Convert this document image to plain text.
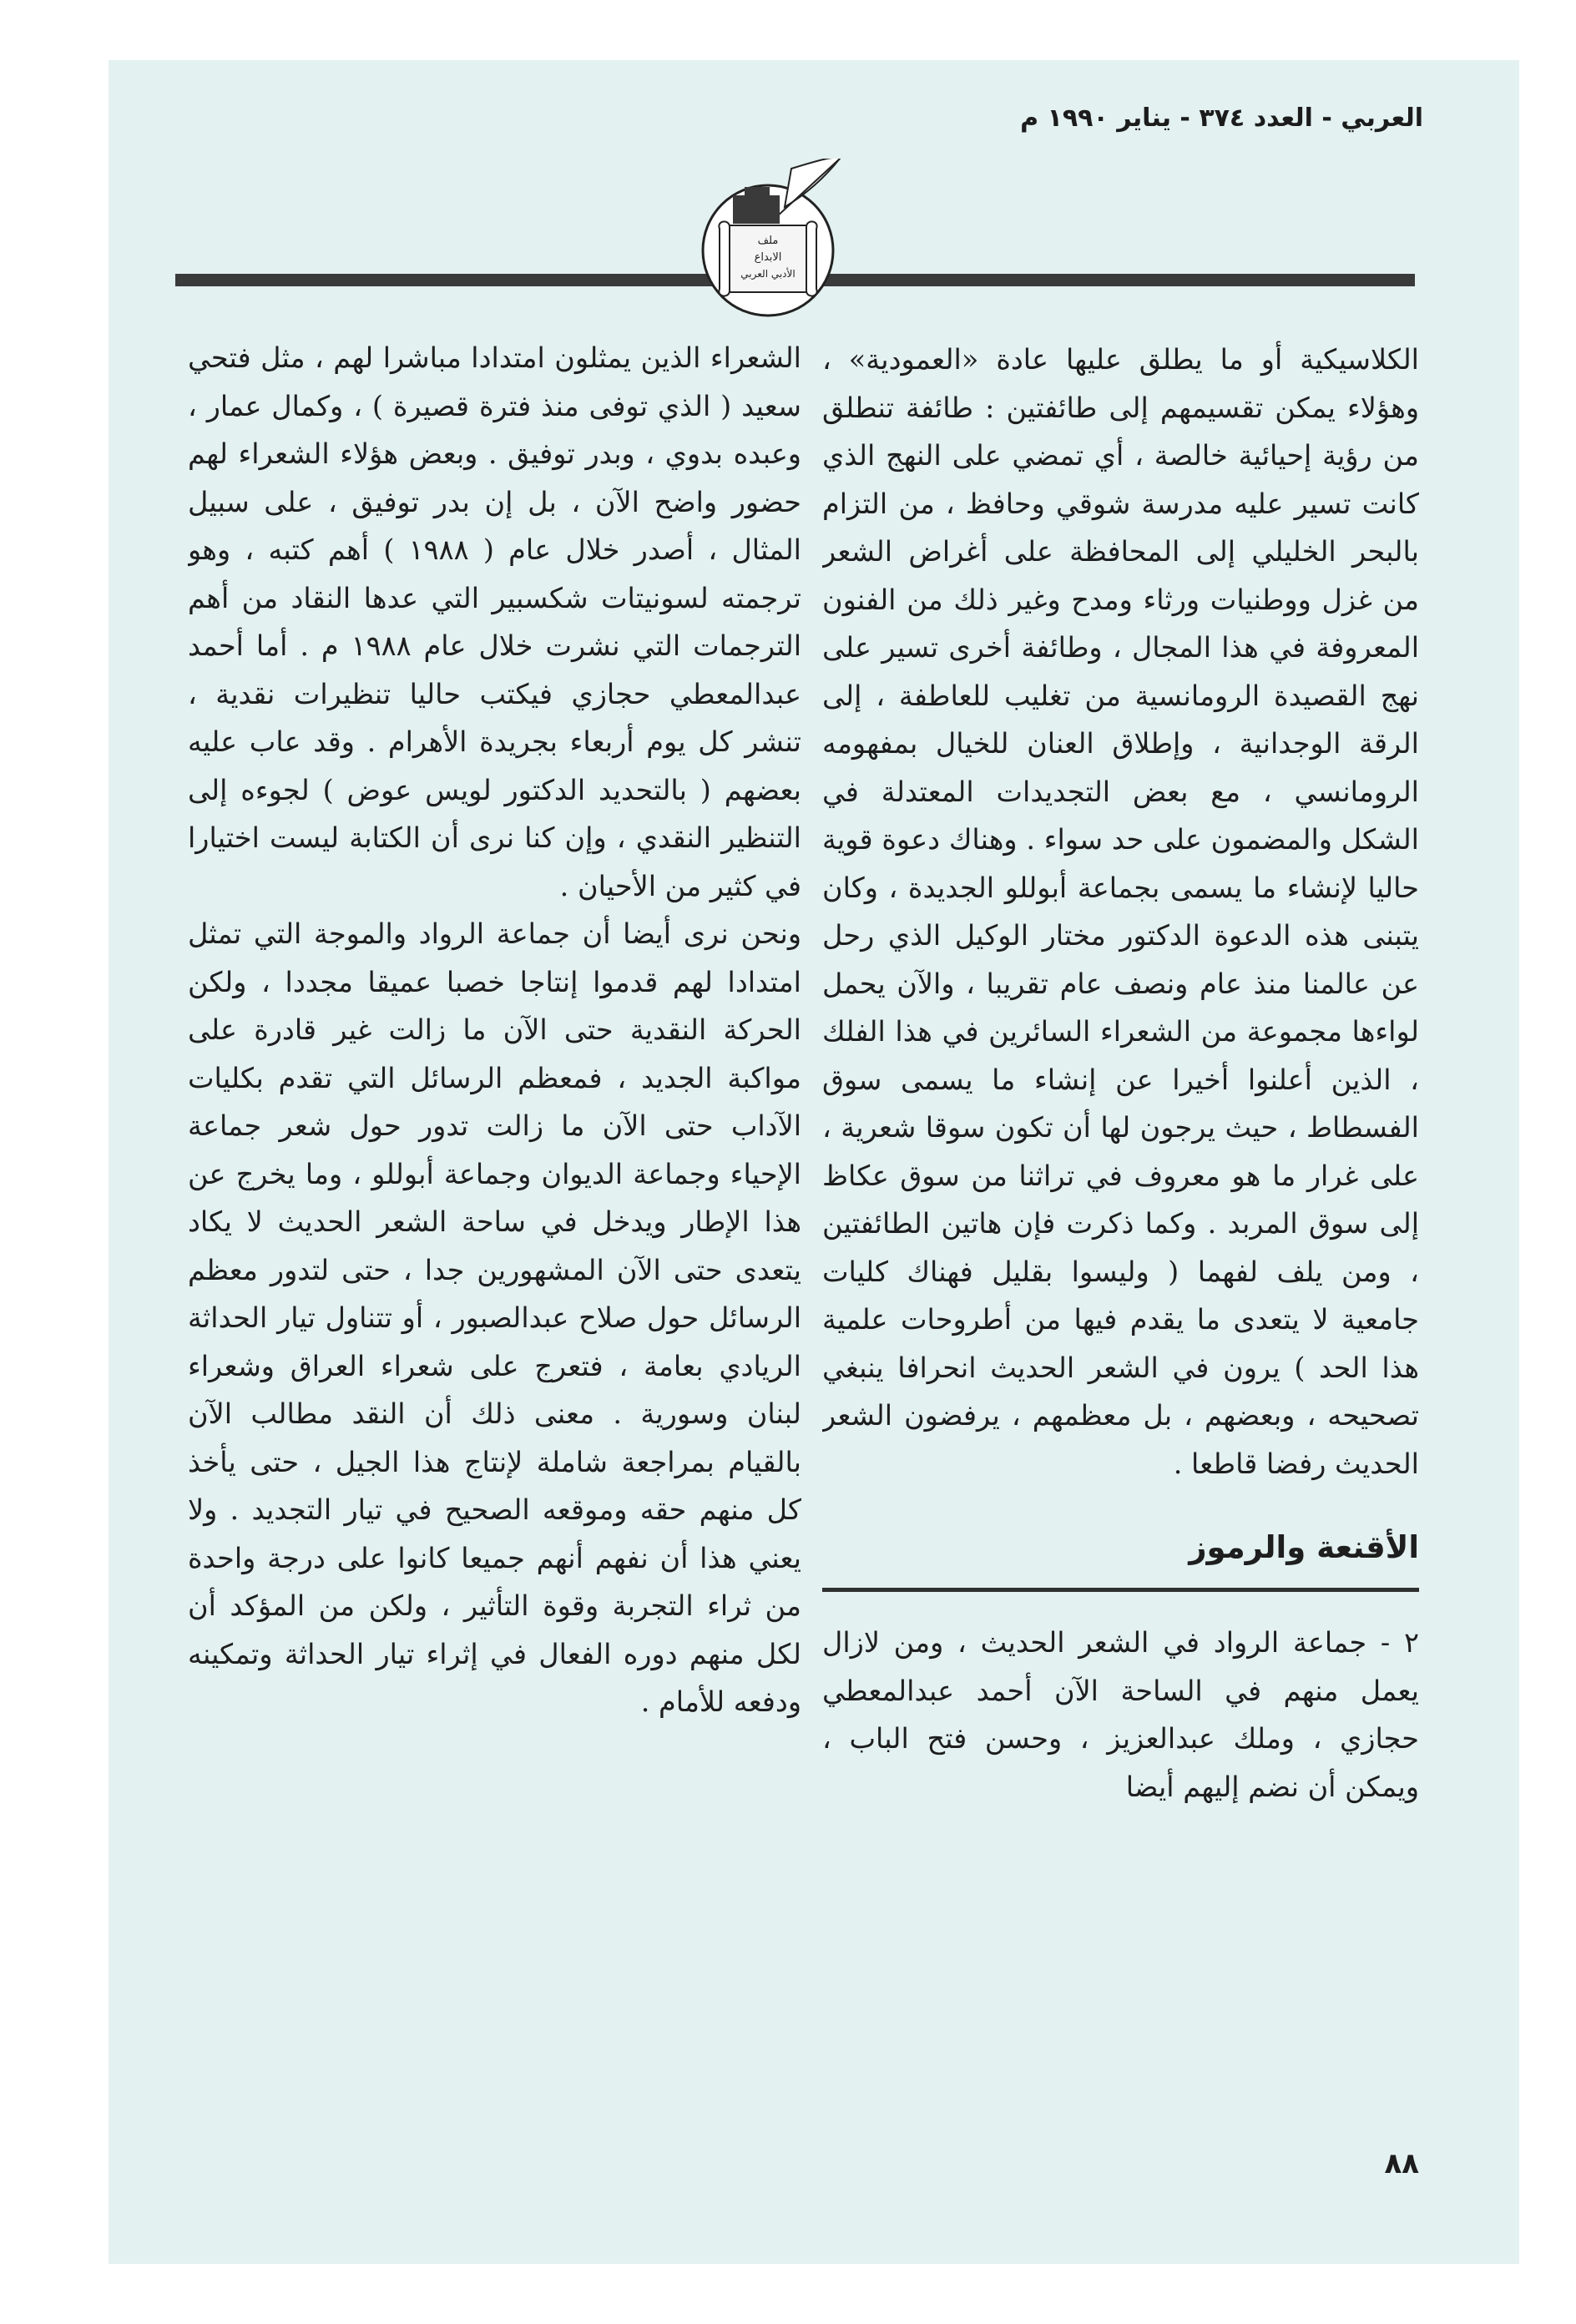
العربي - العدد ٣٧٤ - يناير ١٩٩٠ م
ملف
الابداع
الأدبي العربي

الكلاسيكية أو ما يطلق عليها عادة «العمودية» ، وهؤلاء يمكن تقسيمهم إلى طائفتين : طائفة تنطلق من رؤية إحيائية خالصة ، أي تمضي على النهج الذي كانت تسير عليه مدرسة شوقي وحافظ ، من التزام بالبحر الخليلي إلى المحافظة على أغراض الشعر من غزل ووطنيات ورثاء ومدح وغير ذلك من الفنون المعروفة في هذا المجال ، وطائفة أخرى تسير على نهج القصيدة الرومانسية من تغليب للعاطفة ، إلى الرقة الوجدانية ، وإطلاق العنان للخيال بمفهومه الرومانسي ، مع بعض التجديدات المعتدلة في الشكل والمضمون على حد سواء . وهناك دعوة قوية حاليا لإنشاء ما يسمى بجماعة أبوللو الجديدة ، وكان يتبنى هذه الدعوة الدكتور مختار الوكيل الذي رحل عن عالمنا منذ عام ونصف عام تقريبا ، والآن يحمل لواءها مجموعة من الشعراء السائرين في هذا الفلك ، الذين أعلنوا أخيرا عن إنشاء ما يسمى سوق الفسطاط ، حيث يرجون لها أن تكون سوقا شعرية ، على غرار ما هو معروف في تراثنا من سوق عكاظ إلى سوق المربد . وكما ذكرت فإن هاتين الطائفتين ، ومن يلف لفهما ( وليسوا بقليل فهناك كليات جامعية لا يتعدى ما يقدم فيها من أطروحات علمية هذا الحد ) يرون في الشعر الحديث انحرافا ينبغي تصحيحه ، وبعضهم ، بل معظمهم ، يرفضون الشعر الحديث رفضا قاطعا .

الأقنعة والرموز

٢ - جماعة الرواد في الشعر الحديث ، ومن لازال يعمل منهم في الساحة الآن أحمد عبدالمعطي حجازي ، وملك عبدالعزيز ، وحسن فتح الباب ، ويمكن أن نضم إليهم أيضا

الشعراء الذين يمثلون امتدادا مباشرا لهم ، مثل فتحي سعيد ( الذي توفى منذ فترة قصيرة ) ، وكمال عمار ، وعبده بدوي ، وبدر توفيق . وبعض هؤلاء الشعراء لهم حضور واضح الآن ، بل إن بدر توفيق ، على سبيل المثال ، أصدر خلال عام ( ١٩٨٨ ) أهم كتبه ، وهو ترجمته لسونيتات شكسبير التي عدها النقاد من أهم الترجمات التي نشرت خلال عام ١٩٨٨ م . أما أحمد عبدالمعطي حجازي فيكتب حاليا تنظيرات نقدية ، تنشر كل يوم أربعاء بجريدة الأهرام . وقد عاب عليه بعضهم ( بالتحديد الدكتور لويس عوض ) لجوءه إلى التنظير النقدي ، وإن كنا نرى أن الكتابة ليست اختيارا في كثير من الأحيان .

ونحن نرى أيضا أن جماعة الرواد والموجة التي تمثل امتدادا لهم قدموا إنتاجا خصبا عميقا مجددا ، ولكن الحركة النقدية حتى الآن ما زالت غير قادرة على مواكبة الجديد ، فمعظم الرسائل التي تقدم بكليات الآداب حتى الآن ما زالت تدور حول شعر جماعة الإحياء وجماعة الديوان وجماعة أبوللو ، وما يخرج عن هذا الإطار ويدخل في ساحة الشعر الحديث لا يكاد يتعدى حتى الآن المشهورين جدا ، حتى لتدور معظم الرسائل حول صلاح عبدالصبور ، أو تتناول تيار الحداثة الريادي بعامة ، فتعرج على شعراء العراق وشعراء لبنان وسورية . معنى ذلك أن النقد مطالب الآن بالقيام بمراجعة شاملة لإنتاج هذا الجيل ، حتى يأخذ كل منهم حقه وموقعه الصحيح في تيار التجديد . ولا يعني هذا أن نفهم أنهم جميعا كانوا على درجة واحدة من ثراء التجربة وقوة التأثير ، ولكن من المؤكد أن لكل منهم دوره الفعال في إثراء تيار الحداثة وتمكينه ودفعه للأمام .

٨٨
